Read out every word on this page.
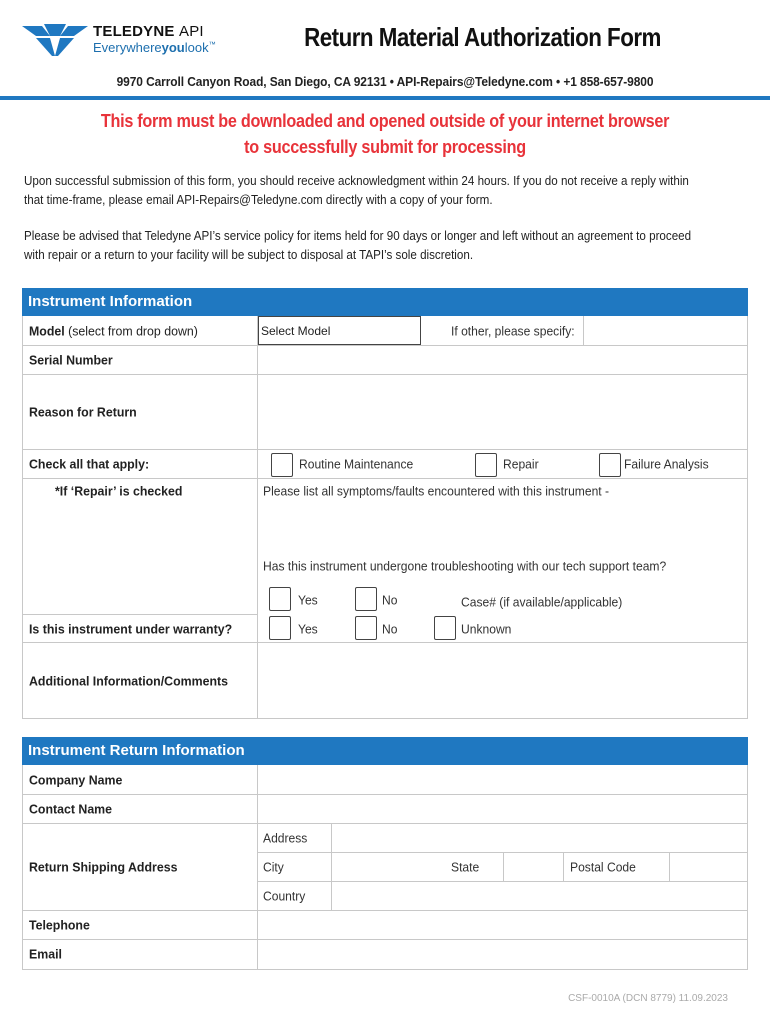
TELEDYNE API
Everywhereyoulook™	Return Material Authorization Form
9970 Carroll Canyon Road, San Diego, CA 92131 • API-Repairs@Teledyne.com • +1 858-657-9800
This form must be downloaded and opened outside of your internet browser
to successfully submit for processing
Upon successful submission of this form, you should receive acknowledgment within 24 hours. If you do not receive a reply within that time-frame, please email API-Repairs@Teledyne.com directly with a copy of your form.
Please be advised that Teledyne API’s service policy for items held for 90 days or longer and left without an agreement to proceed with repair or a return to your facility will be subject to disposal at TAPI’s sole discretion.
Instrument Information
Model (select from drop down)	Select Model	If other, please specify:
Serial Number
Reason for Return
Check all that apply:	Routine Maintenance	Repair	Failure Analysis
*If ‘Repair’ is checked	Please list all symptoms/faults encountered with this instrument -
Has this instrument undergone troubleshooting with our tech support team?
Yes	No	Case# (if available/applicable)
Is this instrument under warranty?	Yes	No	Unknown
Additional Information/Comments
Instrument Return Information
Company Name
Contact Name
Return Shipping Address
Address
City	State	Postal Code
Country
Telephone
Email
CSF-0010A (DCN 8779) 11.09.2023
